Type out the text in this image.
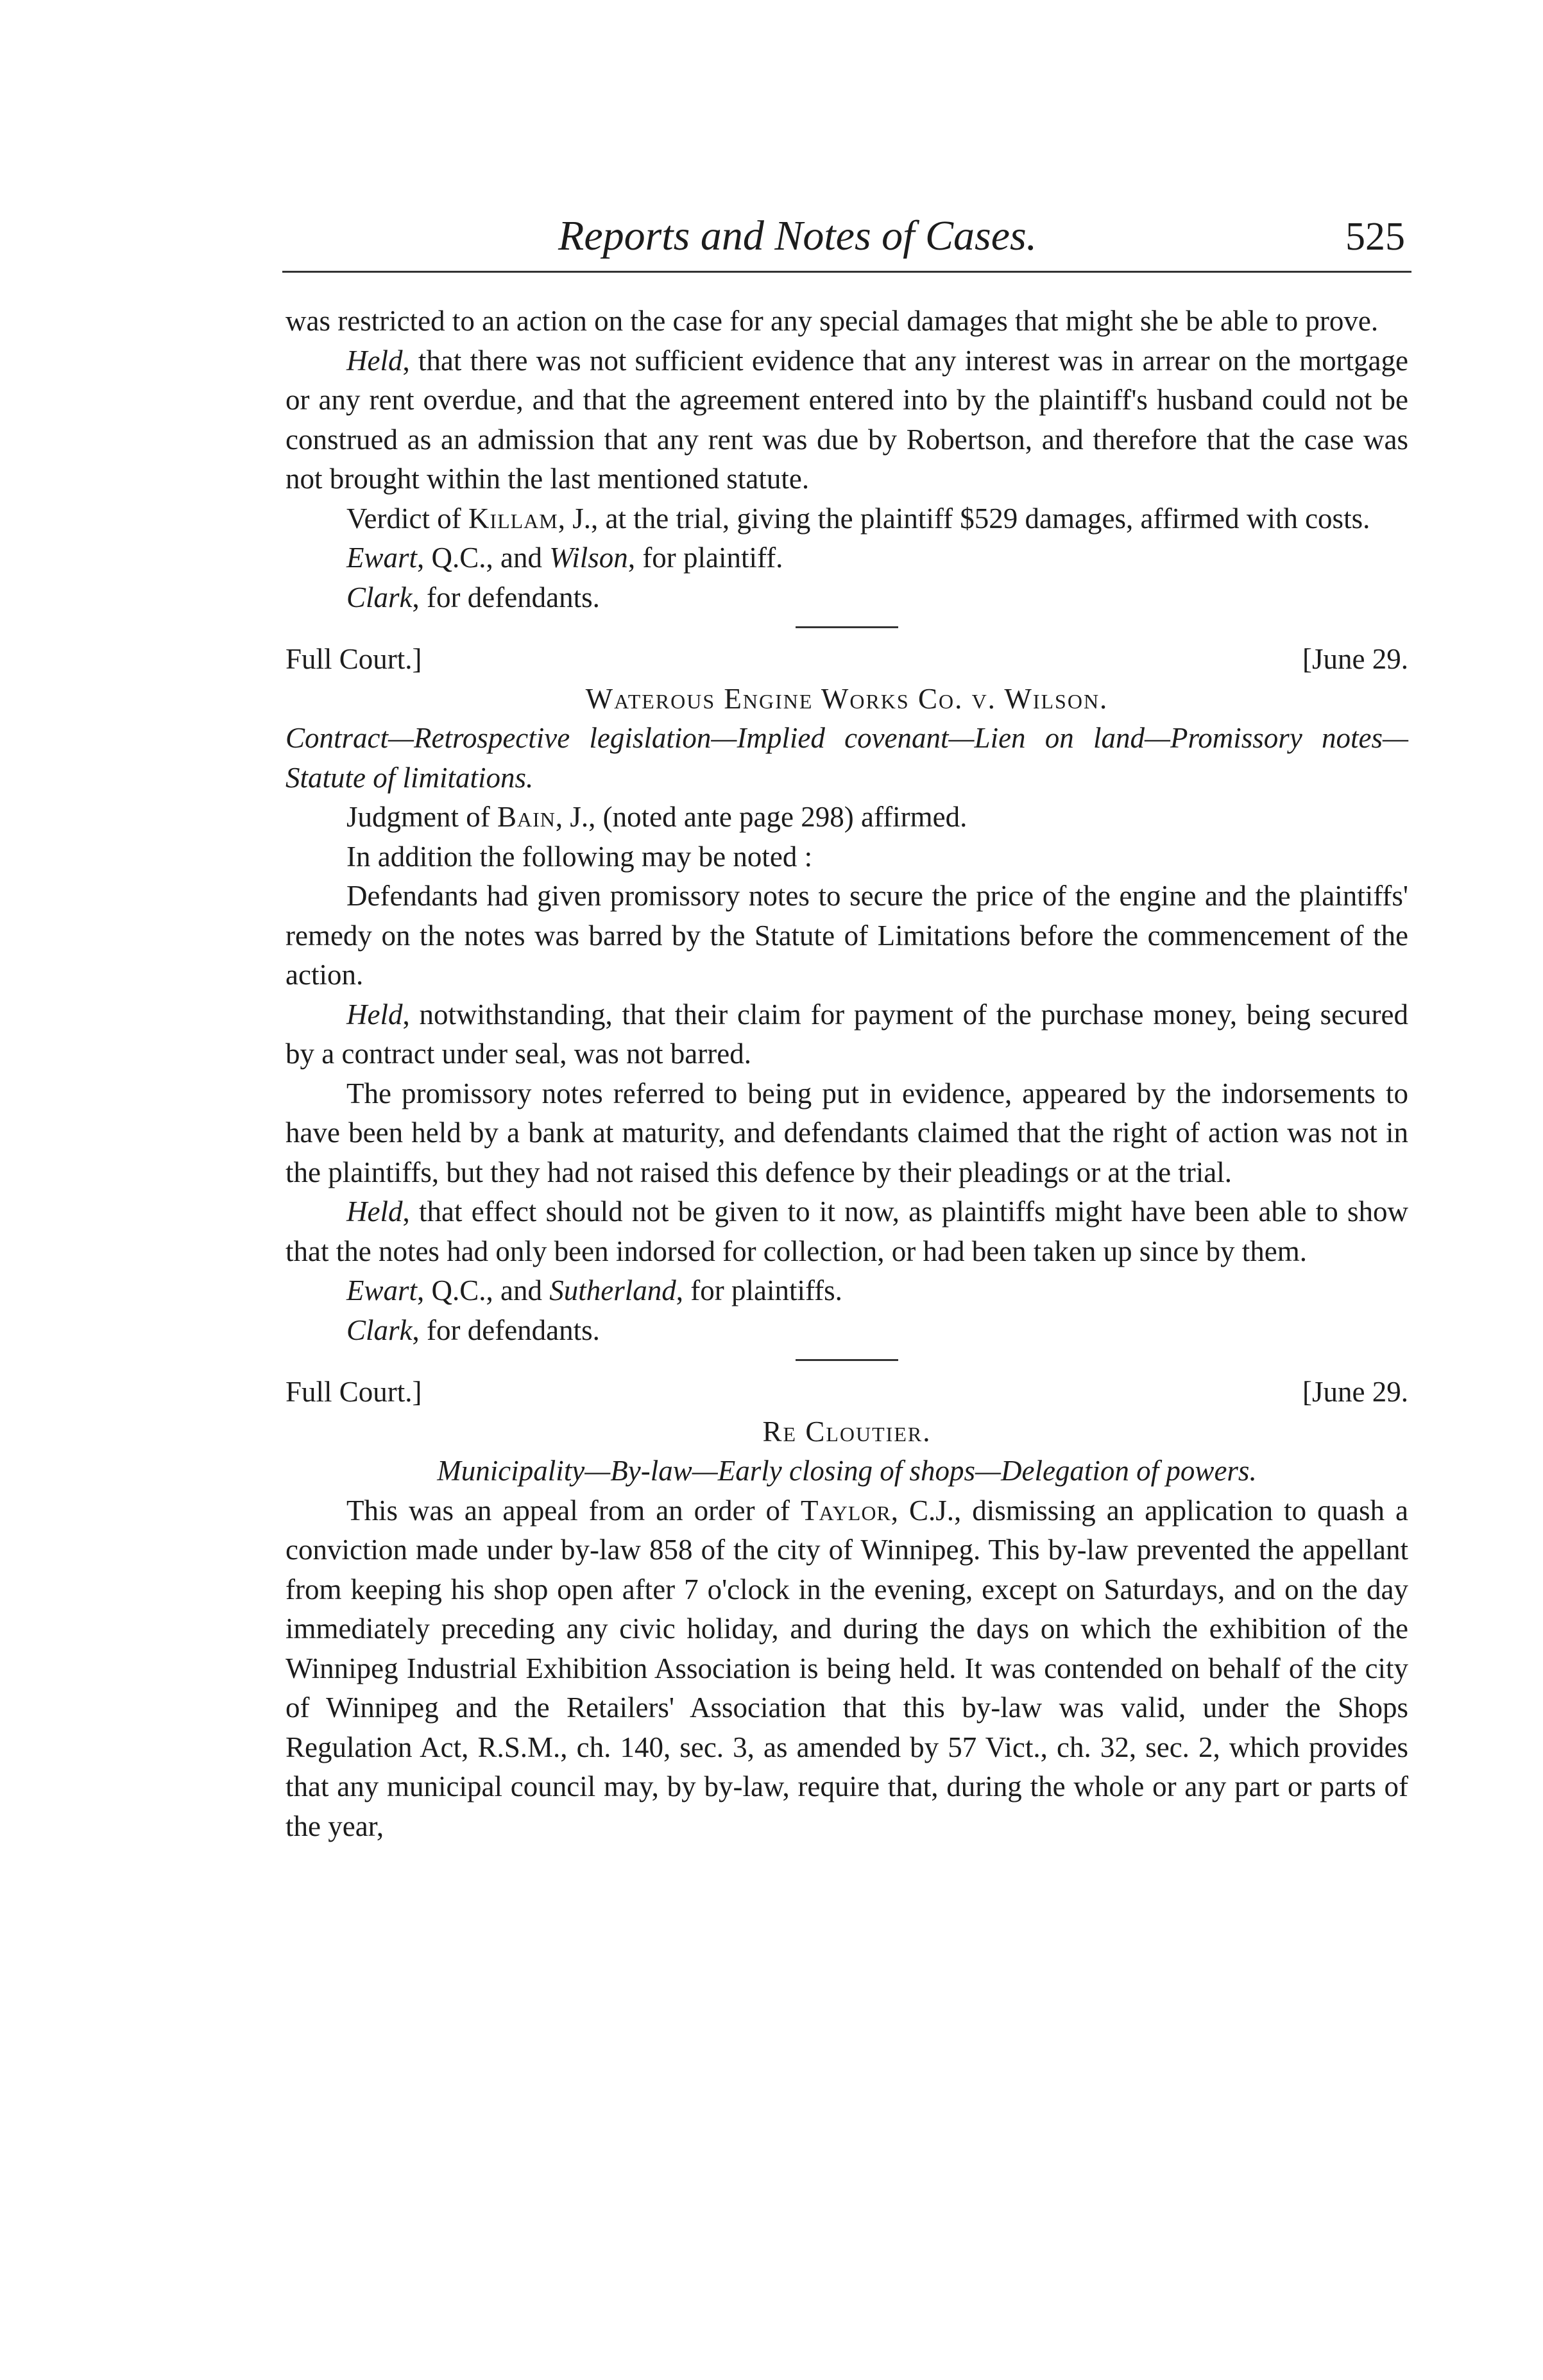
Reports and Notes of Cases.	525

was restricted to an action on the case for any special damages that might she be able to prove.

Held, that there was not sufficient evidence that any interest was in arrear on the mortgage or any rent overdue, and that the agreement entered into by the plaintiff's husband could not be construed as an admission that any rent was due by Robertson, and therefore that the case was not brought within the last mentioned statute.

Verdict of Killam, J., at the trial, giving the plaintiff $529 damages, affirmed with costs.

Ewart, Q.C., and Wilson, for plaintiff.

Clark, for defendants.

Full Court.]	[June 29.

Waterous Engine Works Co. v. Wilson.

Contract—Retrospective legislation—Implied covenant—Lien on land—Promissory notes—Statute of limitations.

Judgment of Bain, J., (noted ante page 298) affirmed.

In addition the following may be noted :

Defendants had given promissory notes to secure the price of the engine and the plaintiffs' remedy on the notes was barred by the Statute of Limitations before the commencement of the action.

Held, notwithstanding, that their claim for payment of the purchase money, being secured by a contract under seal, was not barred.

The promissory notes referred to being put in evidence, appeared by the indorsements to have been held by a bank at maturity, and defendants claimed that the right of action was not in the plaintiffs, but they had not raised this defence by their pleadings or at the trial.

Held, that effect should not be given to it now, as plaintiffs might have been able to show that the notes had only been indorsed for collection, or had been taken up since by them.

Ewart, Q.C., and Sutherland, for plaintiffs.

Clark, for defendants.

Full Court.]	[June 29.

Re Cloutier.

Municipality—By-law—Early closing of shops—Delegation of powers.

This was an appeal from an order of Taylor, C.J., dismissing an application to quash a conviction made under by-law 858 of the city of Winnipeg. This by-law prevented the appellant from keeping his shop open after 7 o'clock in the evening, except on Saturdays, and on the day immediately preceding any civic holiday, and during the days on which the exhibition of the Winnipeg Industrial Exhibition Association is being held. It was contended on behalf of the city of Winnipeg and the Retailers' Association that this by-law was valid, under the Shops Regulation Act, R.S.M., ch. 140, sec. 3, as amended by 57 Vict., ch. 32, sec. 2, which provides that any municipal council may, by by-law, require that, during the whole or any part or parts of the year,
